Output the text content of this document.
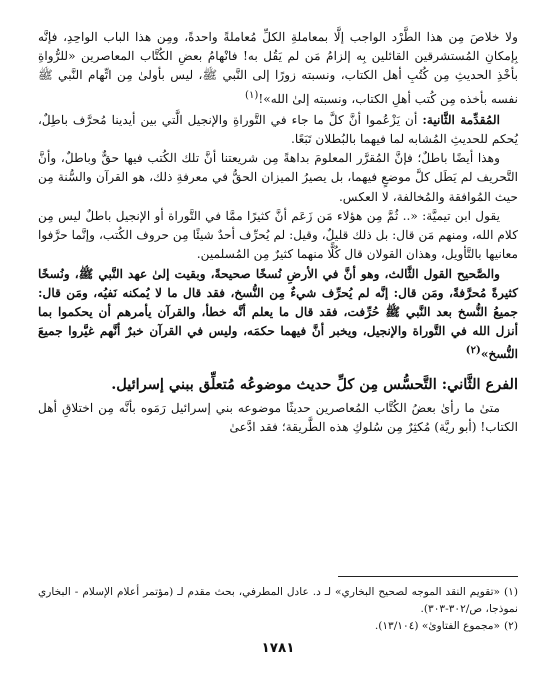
ولا خلاصَ مِن هذا الطَّرْد الواجب إلَّا بمعاملةِ الكلِّ مُعاملةً واحدةً، ومِن هذا الباب الواحِدِ، فإنَّه بِإمكانِ المُستشرقين القائلين بِه إلزامُ مَن لم يَقُل به! فانْهامُ بعضِ الكُتَّاب المعاصرين «للرُّواةِ بأخْذِ الحديثِ مِن كُتُبِ أهل الكتاب، ونسبته زورًا إلى النَّبي ﷺ، ليس بأولىٰ مِن اتِّهام النَّبي ﷺ نفسه بأخذه مِن كُتب أهلِ الكتاب، ونسبته إلىٰ الله»!$^{(١)}$

المُقدِّمة الثَّانية: أن يَزْعُموا أنَّ كلَّ ما جاء في التَّوراةِ والإنجيل الَّتي بين أيدينا مُحرَّف باطِلٌ، يُحكم للحديثِ المُشابه لما فيهما بالبُطلان تَبَعًا.

وهذا أيضًا باطلٌ؛ فإنَّ المُقرَّر المعلومَ بداهةً مِن شريعتنا أنَّ تلك الكُتب فيها حقٌّ وباطلٌ، وأنَّ التَّحريف لم يَطَل كلَّ موضعٍ فيهما، بل يصيرُ الميزان الحقُّ في معرفةِ ذلك، هو القرآن والسُّنة مِن حيث المُوافقة والمُخالفة، لا العكس.

يقول ابن تيميَّة: «.. ثُمَّ مِن هؤلاء مَن زَعَم أنَّ كثيرًا ممَّا في التَّوراة أو الإنجيل باطلٌ ليس مِن كلام الله، ومنهم مَن قال: بل ذلك قليلٌ، وقيل: لم يُحرِّف أحدٌ شيئًا مِن حروف الكُتب، وإنَّما حرَّفوا معانيها بالتَّأويل، وهذان القولان قال كُلًّا منهما كثيرٌ مِن المُسلمين.

والصَّحيح القول الثَّالث، وهو أنَّ في الأرضِ نُسخًا صحيحةً، وبقيت إلىٰ عهد النَّبي ﷺ، ونُسخًا كثيرةً مُحرَّفةً، ومَن قال: إنَّه لم يُحرِّف شيءٌ مِن النُّسخ، فقد قال ما لا يُمكنه نَفيُه، ومَن قال: جميعُ النُّسخ بعد النَّبي ﷺ حُرِّفت، فقد قال ما يعلم أنَّه خطأ، والقرآن يأمرهم أن يحكموا بما أنزل الله في التَّوراة والإنجيل، ويخبر أنَّ فيهما حكمَه، وليس في القرآن خبرٌ أنَّهم غيَّروا جميعَ النُّسخ»$^{(٢)}$

الفرع الثَّاني: التَّحسُّس مِن كلِّ حديث موضوعُه مُتعلِّق ببني إسرائيل.

متىٰ ما رأىٰ بعضُ الكُتَّاب المُعاصرين حديثًا موضوعه بني إسرائيل رَمَوه بأنَّه مِن اختلاقِ أهل الكتاب! (أبو ريَّة) مُكثِرٌ مِن سُلوكِ هذه الطَّريقة؛ فقد ادَّعىٰ

(١)«تقويم النقد الموجه لصحيح البخاري» لـ د. عادل المطرفي، بحث مقدم لـ (مؤتمر أعلام الإسلام - البخاري نموذجا، ص/٣٠٢-٣٠٣).

(٢)«مجموع الفتاوىٰ» (١٣/١٠٤).

١٧٨١
